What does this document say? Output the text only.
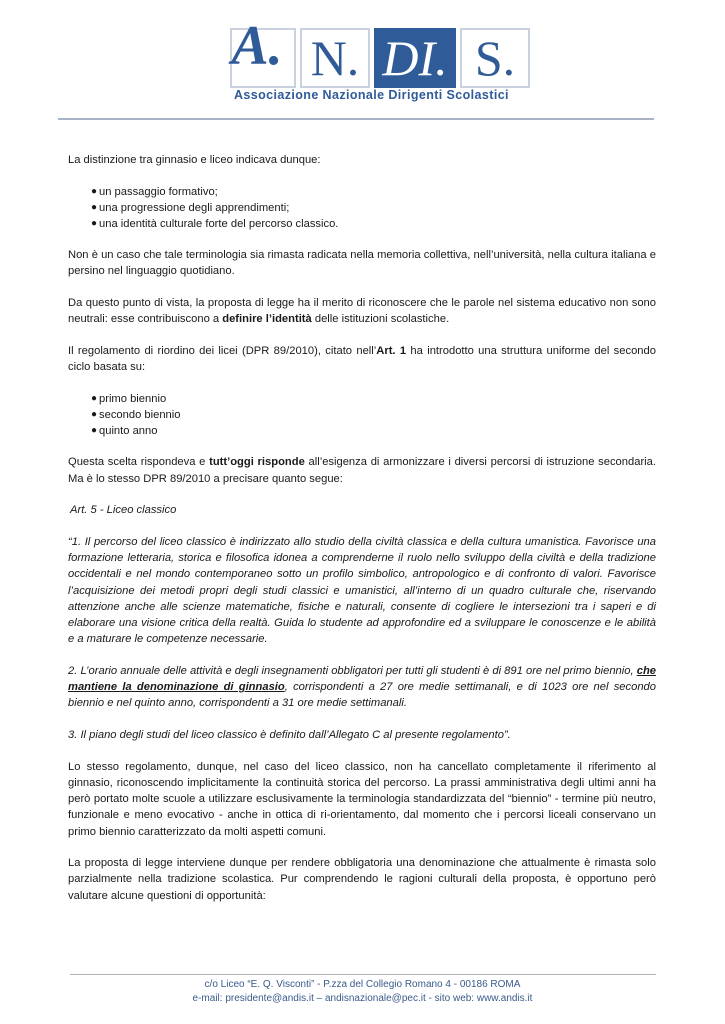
A. N. DI. S.
Associazione Nazionale Dirigenti Scolastici

La distinzione tra ginnasio e liceo indicava dunque:

● un passaggio formativo;
● una progressione degli apprendimenti;
● una identità culturale forte del percorso classico.

Non è un caso che tale terminologia sia rimasta radicata nella memoria collettiva, nell’università, nella cultura italiana e persino nel linguaggio quotidiano.

Da questo punto di vista, la proposta di legge ha il merito di riconoscere che le parole nel sistema educativo non sono neutrali: esse contribuiscono a definire l’identità delle istituzioni scolastiche.

Il regolamento di riordino dei licei (DPR 89/2010), citato nell’Art. 1 ha introdotto una struttura uniforme del secondo ciclo basata su:

● primo biennio
● secondo biennio
● quinto anno

Questa scelta rispondeva e tutt’oggi risponde all’esigenza di armonizzare i diversi percorsi di istruzione secondaria. Ma è lo stesso DPR 89/2010 a precisare quanto segue:

Art. 5 - Liceo classico

“1. Il percorso del liceo classico è indirizzato allo studio della civiltà classica e della cultura umanistica. Favorisce una formazione letteraria, storica e filosofica idonea a comprenderne il ruolo nello sviluppo della civiltà e della tradizione occidentali e nel mondo contemporaneo sotto un profilo simbolico, antropologico e di confronto di valori. Favorisce l’acquisizione dei metodi propri degli studi classici e umanistici, all’interno di un quadro culturale che, riservando attenzione anche alle scienze matematiche, fisiche e naturali, consente di cogliere le intersezioni tra i saperi e di elaborare una visione critica della realtà. Guida lo studente ad approfondire ed a sviluppare le conoscenze e le abilità e a maturare le competenze necessarie.

2. L’orario annuale delle attività e degli insegnamenti obbligatori per tutti gli studenti è di 891 ore nel primo biennio, che mantiene la denominazione di ginnasio, corrispondenti a 27 ore medie settimanali, e di 1023 ore nel secondo biennio e nel quinto anno, corrispondenti a 31 ore medie settimanali.

3. Il piano degli studi del liceo classico è definito dall’Allegato C al presente regolamento”.

Lo stesso regolamento, dunque, nel caso del liceo classico, non ha cancellato completamente il riferimento al ginnasio, riconoscendo implicitamente la continuità storica del percorso. La prassi amministrativa degli ultimi anni ha però portato molte scuole a utilizzare esclusivamente la terminologia standardizzata del “biennio” - termine più neutro, funzionale e meno evocativo - anche in ottica di ri-orientamento, dal momento che i percorsi liceali conservano un primo biennio caratterizzato da molti aspetti comuni.

La proposta di legge interviene dunque per rendere obbligatoria una denominazione che attualmente è rimasta solo parzialmente nella tradizione scolastica. Pur comprendendo le ragioni culturali della proposta, è opportuno però valutare alcune questioni di opportunità:

c/o Liceo “E. Q. Visconti” - P.zza del Collegio Romano 4 - 00186 ROMA
e-mail: presidente@andis.it – andisnazionale@pec.it - sito web: www.andis.it
